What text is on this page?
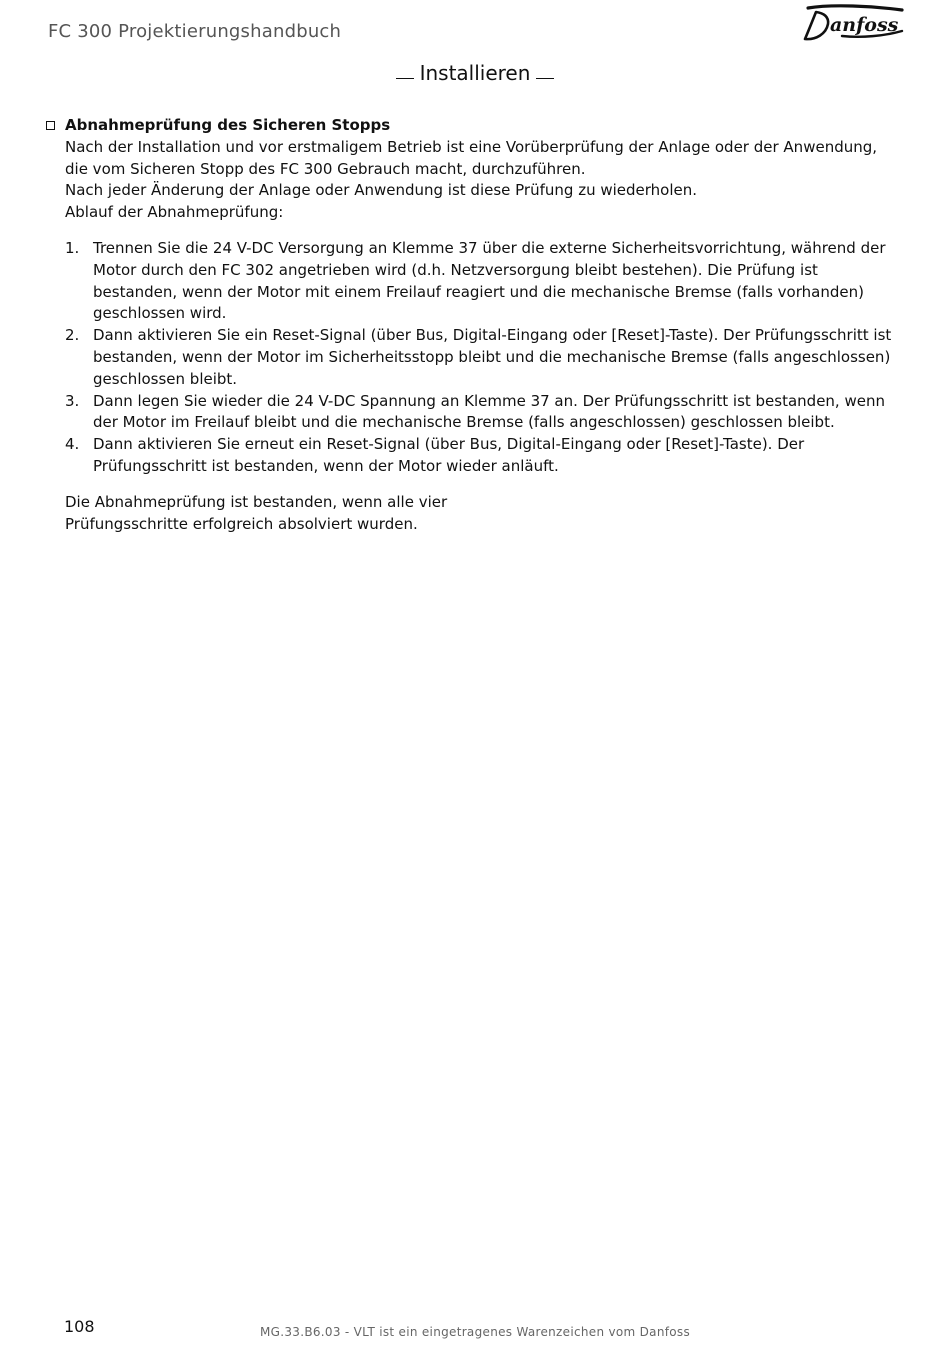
FC 300 Projektierungshandbuch	anfoss
Installieren

Abnahmeprüfung des Sicheren Stopps

Nach der Installation und vor erstmaligem Betrieb ist eine Vorüberprüfung der Anlage oder der Anwendung, die vom Sicheren Stopp des FC 300 Gebrauch macht, durchzuführen.

Nach jeder Änderung der Anlage oder Anwendung ist diese Prüfung zu wiederholen.

Ablauf der Abnahmeprüfung:

1. Trennen Sie die 24 V-DC Versorgung an Klemme 37 über die externe Sicherheitsvorrichtung, während der Motor durch den FC 302 angetrieben wird (d.h. Netzversorgung bleibt bestehen). Die Prüfung ist bestanden, wenn der Motor mit einem Freilauf reagiert und die mechanische Bremse (falls vorhanden) geschlossen wird.
2. Dann aktivieren Sie ein Reset-Signal (über Bus, Digital-Eingang oder [Reset]-Taste). Der Prüfungsschritt ist bestanden, wenn der Motor im Sicherheitsstopp bleibt und die mechanische Bremse (falls angeschlossen) geschlossen bleibt.
3. Dann legen Sie wieder die 24 V-DC Spannung an Klemme 37 an. Der Prüfungsschritt ist bestanden, wenn der Motor im Freilauf bleibt und die mechanische Bremse (falls angeschlossen) geschlossen bleibt.
4. Dann aktivieren Sie erneut ein Reset-Signal (über Bus, Digital-Eingang oder [Reset]-Taste). Der Prüfungsschritt ist bestanden, wenn der Motor wieder anläuft.

Die Abnahmeprüfung ist bestanden, wenn alle vier Prüfungsschritte erfolgreich absolviert wurden.

108	MG.33.B6.03 - VLT ist ein eingetragenes Warenzeichen vom Danfoss
